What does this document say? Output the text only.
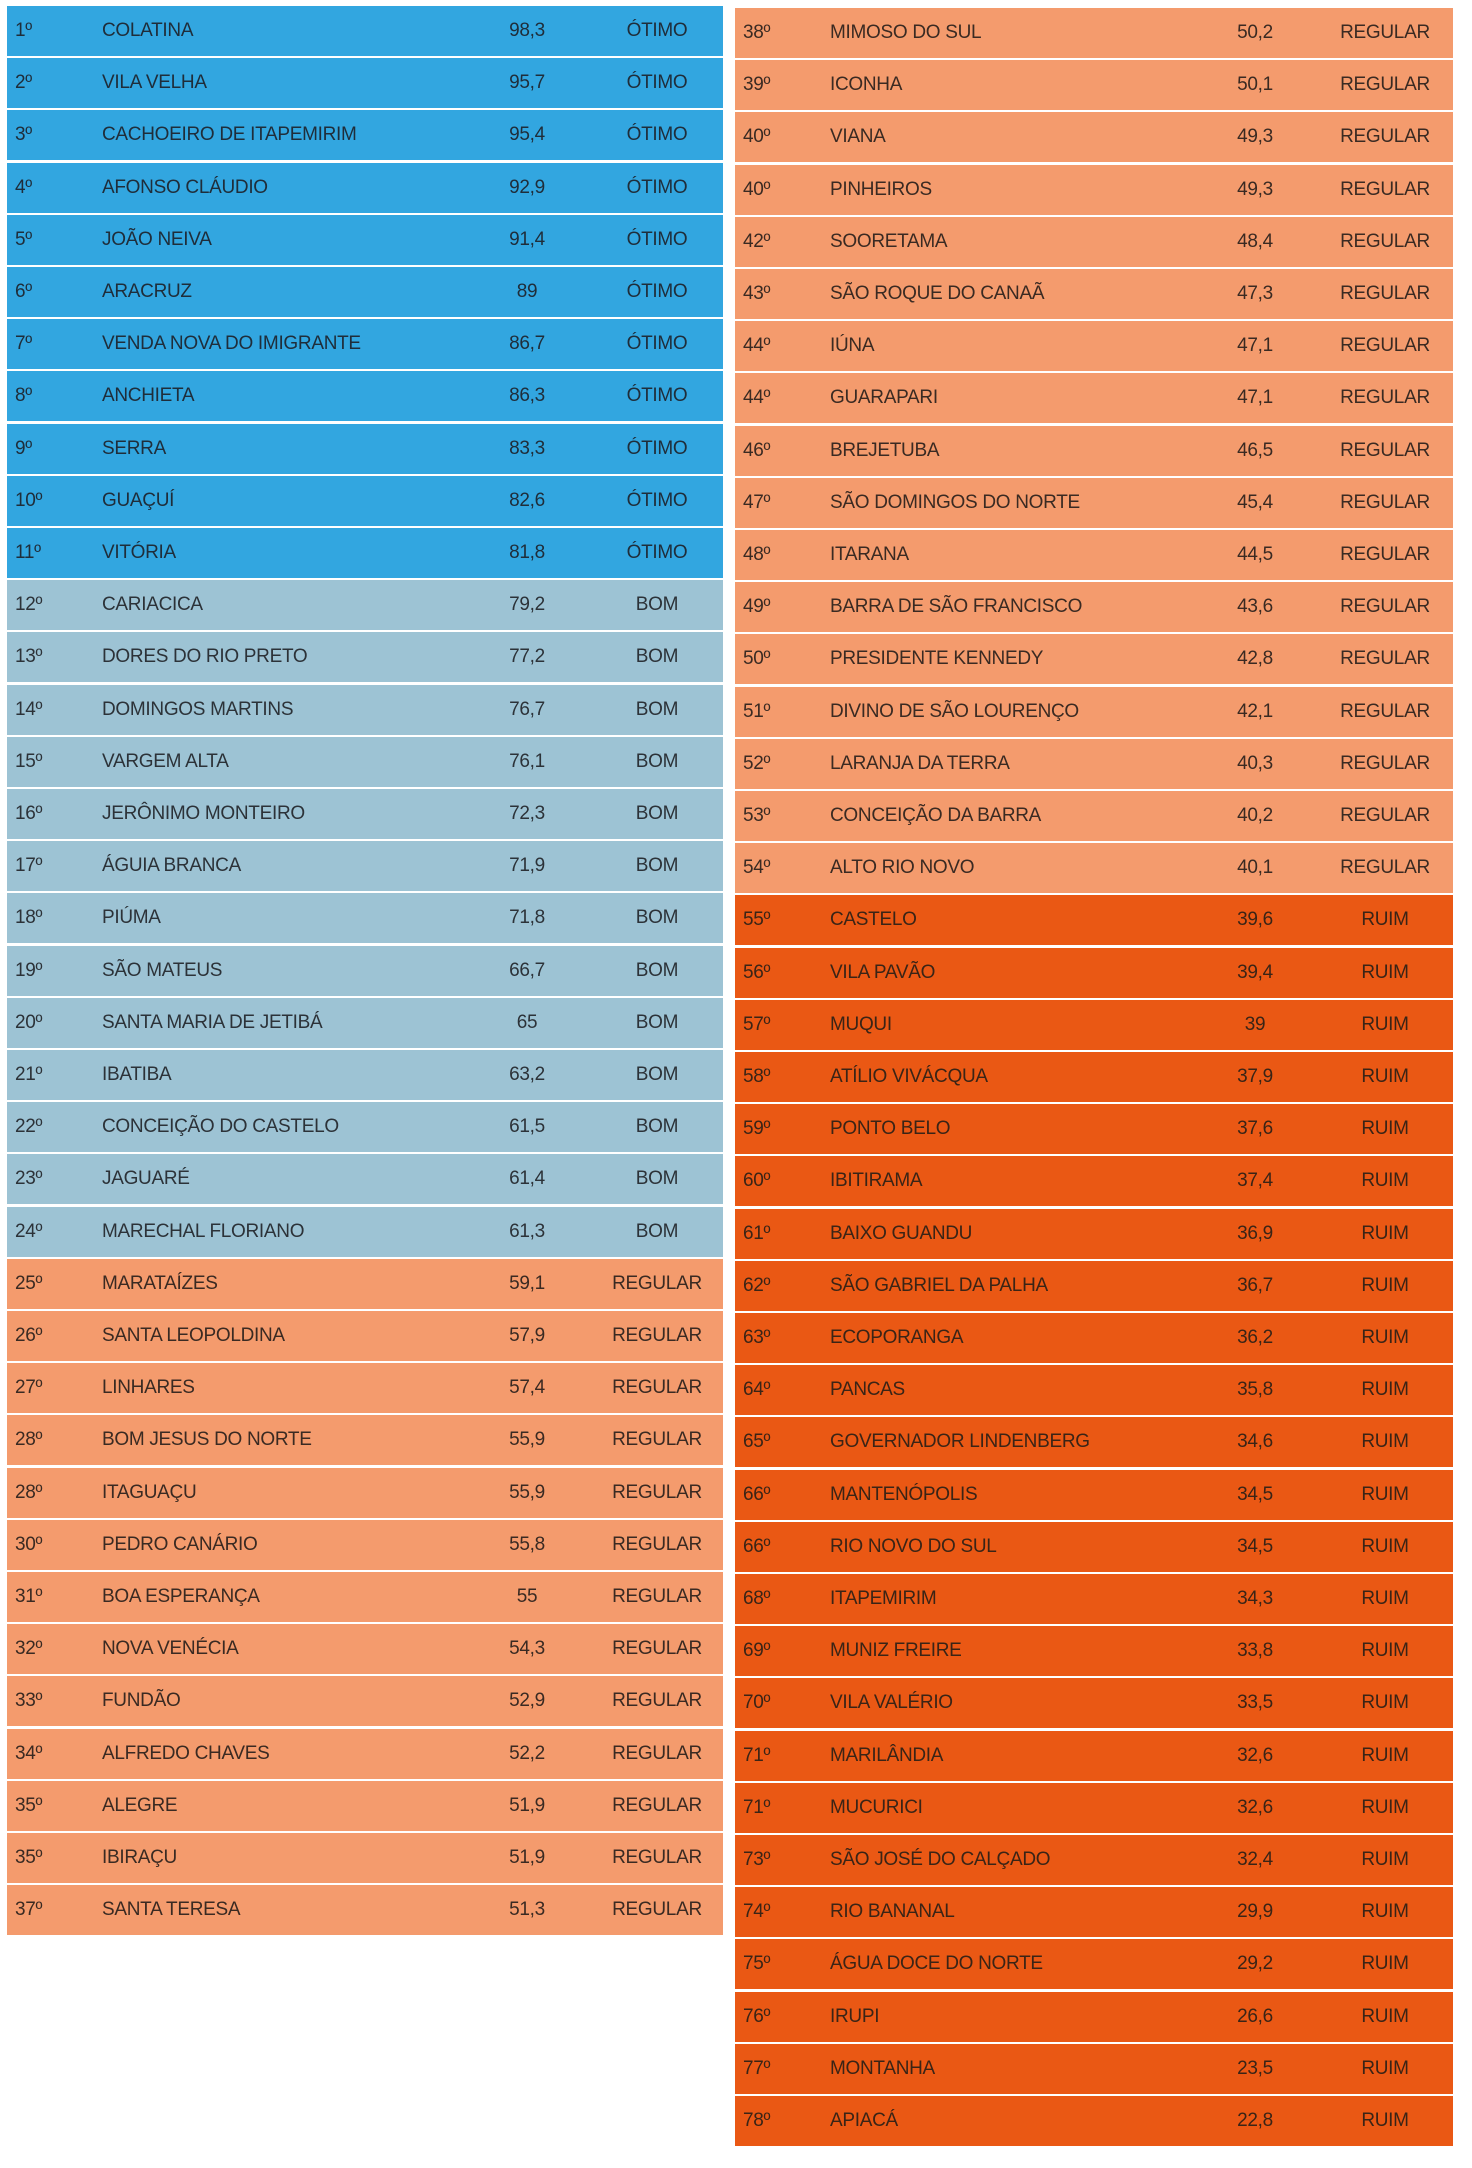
1º	COLATINA	98,3	ÓTIMO
2º	VILA VELHA	95,7	ÓTIMO
3º	CACHOEIRO DE ITAPEMIRIM	95,4	ÓTIMO
4º	AFONSO CLÁUDIO	92,9	ÓTIMO
5º	JOÃO NEIVA	91,4	ÓTIMO
6º	ARACRUZ	89	ÓTIMO
7º	VENDA NOVA DO IMIGRANTE	86,7	ÓTIMO
8º	ANCHIETA	86,3	ÓTIMO
9º	SERRA	83,3	ÓTIMO
10º	GUAÇUÍ	82,6	ÓTIMO
11º	VITÓRIA	81,8	ÓTIMO
12º	CARIACICA	79,2	BOM
13º	DORES DO RIO PRETO	77,2	BOM
14º	DOMINGOS MARTINS	76,7	BOM
15º	VARGEM ALTA	76,1	BOM
16º	JERÔNIMO MONTEIRO	72,3	BOM
17º	ÁGUIA BRANCA	71,9	BOM
18º	PIÚMA	71,8	BOM
19º	SÃO MATEUS	66,7	BOM
20º	SANTA MARIA DE JETIBÁ	65	BOM
21º	IBATIBA	63,2	BOM
22º	CONCEIÇÃO DO CASTELO	61,5	BOM
23º	JAGUARÉ	61,4	BOM
24º	MARECHAL FLORIANO	61,3	BOM
25º	MARATAÍZES	59,1	REGULAR
26º	SANTA LEOPOLDINA	57,9	REGULAR
27º	LINHARES	57,4	REGULAR
28º	BOM JESUS DO NORTE	55,9	REGULAR
28º	ITAGUAÇU	55,9	REGULAR
30º	PEDRO CANÁRIO	55,8	REGULAR
31º	BOA ESPERANÇA	55	REGULAR
32º	NOVA VENÉCIA	54,3	REGULAR
33º	FUNDÃO	52,9	REGULAR
34º	ALFREDO CHAVES	52,2	REGULAR
35º	ALEGRE	51,9	REGULAR
35º	IBIRAÇU	51,9	REGULAR
37º	SANTA TERESA	51,3	REGULAR
38º	MIMOSO DO SUL	50,2	REGULAR
39º	ICONHA	50,1	REGULAR
40º	VIANA	49,3	REGULAR
40º	PINHEIROS	49,3	REGULAR
42º	SOORETAMA	48,4	REGULAR
43º	SÃO ROQUE DO CANAÃ	47,3	REGULAR
44º	IÚNA	47,1	REGULAR
44º	GUARAPARI	47,1	REGULAR
46º	BREJETUBA	46,5	REGULAR
47º	SÃO DOMINGOS DO NORTE	45,4	REGULAR
48º	ITARANA	44,5	REGULAR
49º	BARRA DE SÃO FRANCISCO	43,6	REGULAR
50º	PRESIDENTE KENNEDY	42,8	REGULAR
51º	DIVINO DE SÃO LOURENÇO	42,1	REGULAR
52º	LARANJA DA TERRA	40,3	REGULAR
53º	CONCEIÇÃO DA BARRA	40,2	REGULAR
54º	ALTO RIO NOVO	40,1	REGULAR
55º	CASTELO	39,6	RUIM
56º	VILA PAVÃO	39,4	RUIM
57º	MUQUI	39	RUIM
58º	ATÍLIO VIVÁCQUA	37,9	RUIM
59º	PONTO BELO	37,6	RUIM
60º	IBITIRAMA	37,4	RUIM
61º	BAIXO GUANDU	36,9	RUIM
62º	SÃO GABRIEL DA PALHA	36,7	RUIM
63º	ECOPORANGA	36,2	RUIM
64º	PANCAS	35,8	RUIM
65º	GOVERNADOR LINDENBERG	34,6	RUIM
66º	MANTENÓPOLIS	34,5	RUIM
66º	RIO NOVO DO SUL	34,5	RUIM
68º	ITAPEMIRIM	34,3	RUIM
69º	MUNIZ FREIRE	33,8	RUIM
70º	VILA VALÉRIO	33,5	RUIM
71º	MARILÂNDIA	32,6	RUIM
71º	MUCURICI	32,6	RUIM
73º	SÃO JOSÉ DO CALÇADO	32,4	RUIM
74º	RIO BANANAL	29,9	RUIM
75º	ÁGUA DOCE DO NORTE	29,2	RUIM
76º	IRUPI	26,6	RUIM
77º	MONTANHA	23,5	RUIM
78º	APIACÁ	22,8	RUIM
